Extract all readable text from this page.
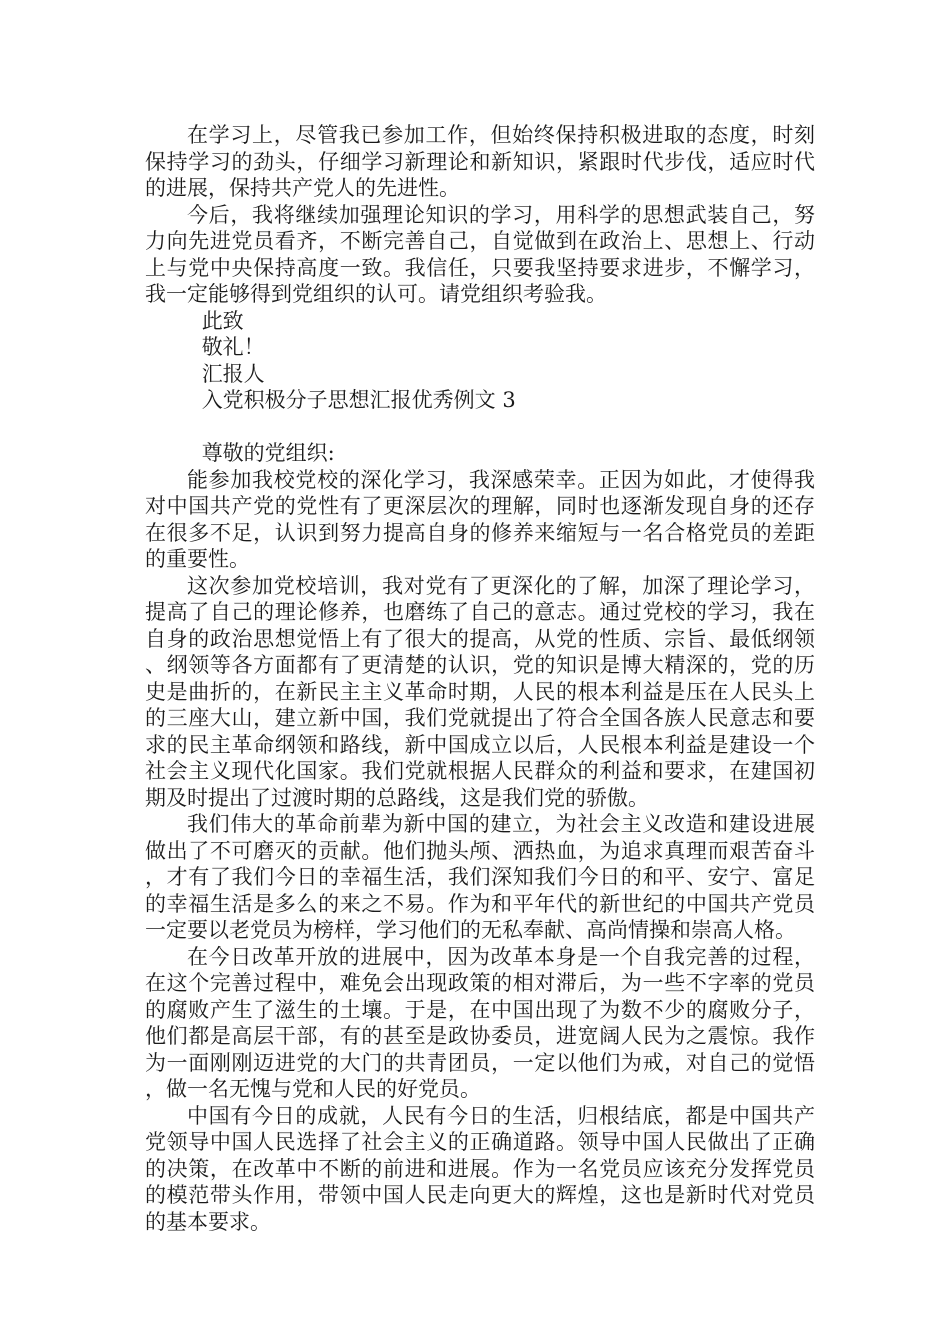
在学习上，尽管我已参加工作，但始终保持积极进取的态度，时刻保持学习的劲头，仔细学习新理论和新知识，紧跟时代步伐，适应时代的进展，保持共产党人的先进性。

今后，我将继续加强理论知识的学习，用科学的思想武装自己，努力向先进党员看齐，不断完善自己，自觉做到在政治上、思想上、行动上与党中央保持高度一致。我信任，只要我坚持要求进步，不懈学习，我一定能够得到党组织的认可。请党组织考验我。

此致

敬礼！

汇报人

入党积极分子思想汇报优秀例文 3

尊敬的党组织:

能参加我校党校的深化学习，我深感荣幸。正因为如此，才使得我对中国共产党的党性有了更深层次的理解，同时也逐渐发现自身的还存在很多不足，认识到努力提高自身的修养来缩短与一名合格党员的差距的重要性。

这次参加党校培训，我对党有了更深化的了解，加深了理论学习，提高了自己的理论修养，也磨练了自己的意志。通过党校的学习，我在自身的政治思想觉悟上有了很大的提高，从党的性质、宗旨、最低纲领、纲领等各方面都有了更清楚的认识，党的知识是博大精深的，党的历史是曲折的，在新民主主义革命时期，人民的根本利益是压在人民头上的三座大山，建立新中国，我们党就提出了符合全国各族人民意志和要求的民主革命纲领和路线，新中国成立以后，人民根本利益是建设一个社会主义现代化国家。我们党就根据人民群众的利益和要求，在建国初期及时提出了过渡时期的总路线，这是我们党的骄傲。

我们伟大的革命前辈为新中国的建立，为社会主义改造和建设进展做出了不可磨灭的贡献。他们抛头颅、洒热血，为追求真理而艰苦奋斗，才有了我们今日的幸福生活，我们深知我们今日的和平、安宁、富足的幸福生活是多么的来之不易。作为和平年代的新世纪的中国共产党员一定要以老党员为榜样，学习他们的无私奉献、高尚情操和崇高人格。

在今日改革开放的进展中，因为改革本身是一个自我完善的过程，在这个完善过程中，难免会出现政策的相对滞后，为一些不字率的党员的腐败产生了滋生的土壤。于是，在中国出现了为数不少的腐败分子，他们都是高层干部，有的甚至是政协委员，进宽阔人民为之震惊。我作为一面刚刚迈进党的大门的共青团员，一定以他们为戒，对自己的觉悟，做一名无愧与党和人民的好党员。

中国有今日的成就，人民有今日的生活，归根结底，都是中国共产党领导中国人民选择了社会主义的正确道路。领导中国人民做出了正确的决策，在改革中不断的前进和进展。作为一名党员应该充分发挥党员的模范带头作用，带领中国人民走向更大的辉煌，这也是新时代对党员的基本要求。
